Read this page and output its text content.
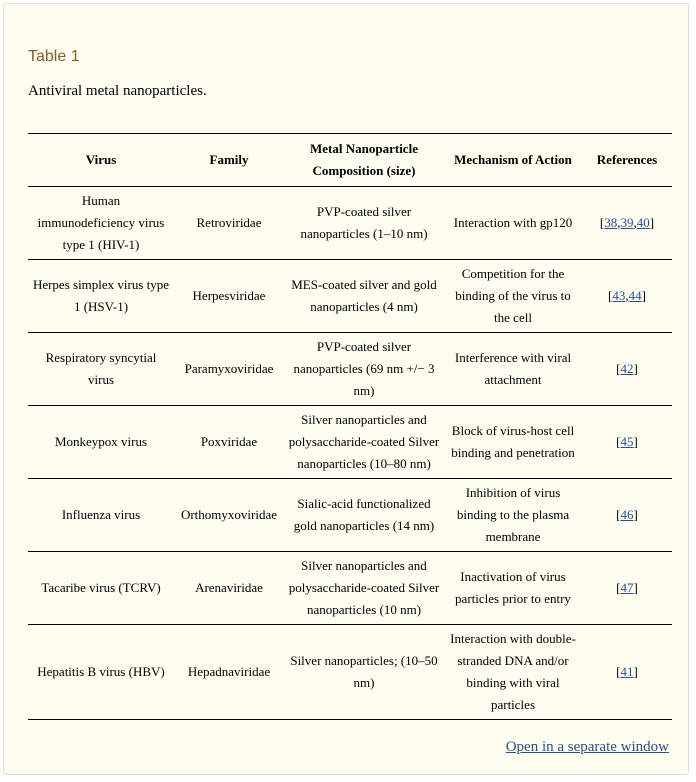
Table 1
Antiviral metal nanoparticles.
Virus	Family	Metal Nanoparticle Composition (size)	Mechanism of Action	References
Human immunodeficiency virus type 1 (HIV-1)	Retroviridae	PVP-coated silver nanoparticles (1–10 nm)	Interaction with gp120	[38,39,40]
Herpes simplex virus type 1 (HSV-1)	Herpesviridae	MES-coated silver and gold nanoparticles (4 nm)	Competition for the binding of the virus to the cell	[43,44]
Respiratory syncytial virus	Paramyxoviridae	PVP-coated silver nanoparticles (69 nm +/− 3 nm)	Interference with viral attachment	[42]
Monkeypox virus	Poxviridae	Silver nanoparticles and polysaccharide-coated Silver nanoparticles (10–80 nm)	Block of virus-host cell binding and penetration	[45]
Influenza virus	Orthomyxoviridae	Sialic-acid functionalized gold nanoparticles (14 nm)	Inhibition of virus binding to the plasma membrane	[46]
Tacaribe virus (TCRV)	Arenaviridae	Silver nanoparticles and polysaccharide-coated Silver nanoparticles (10 nm)	Inactivation of virus particles prior to entry	[47]
Hepatitis B virus (HBV)	Hepadnaviridae	Silver nanoparticles; (10–50 nm)	Interaction with double-stranded DNA and/or binding with viral particles	[41]
Open in a separate window
